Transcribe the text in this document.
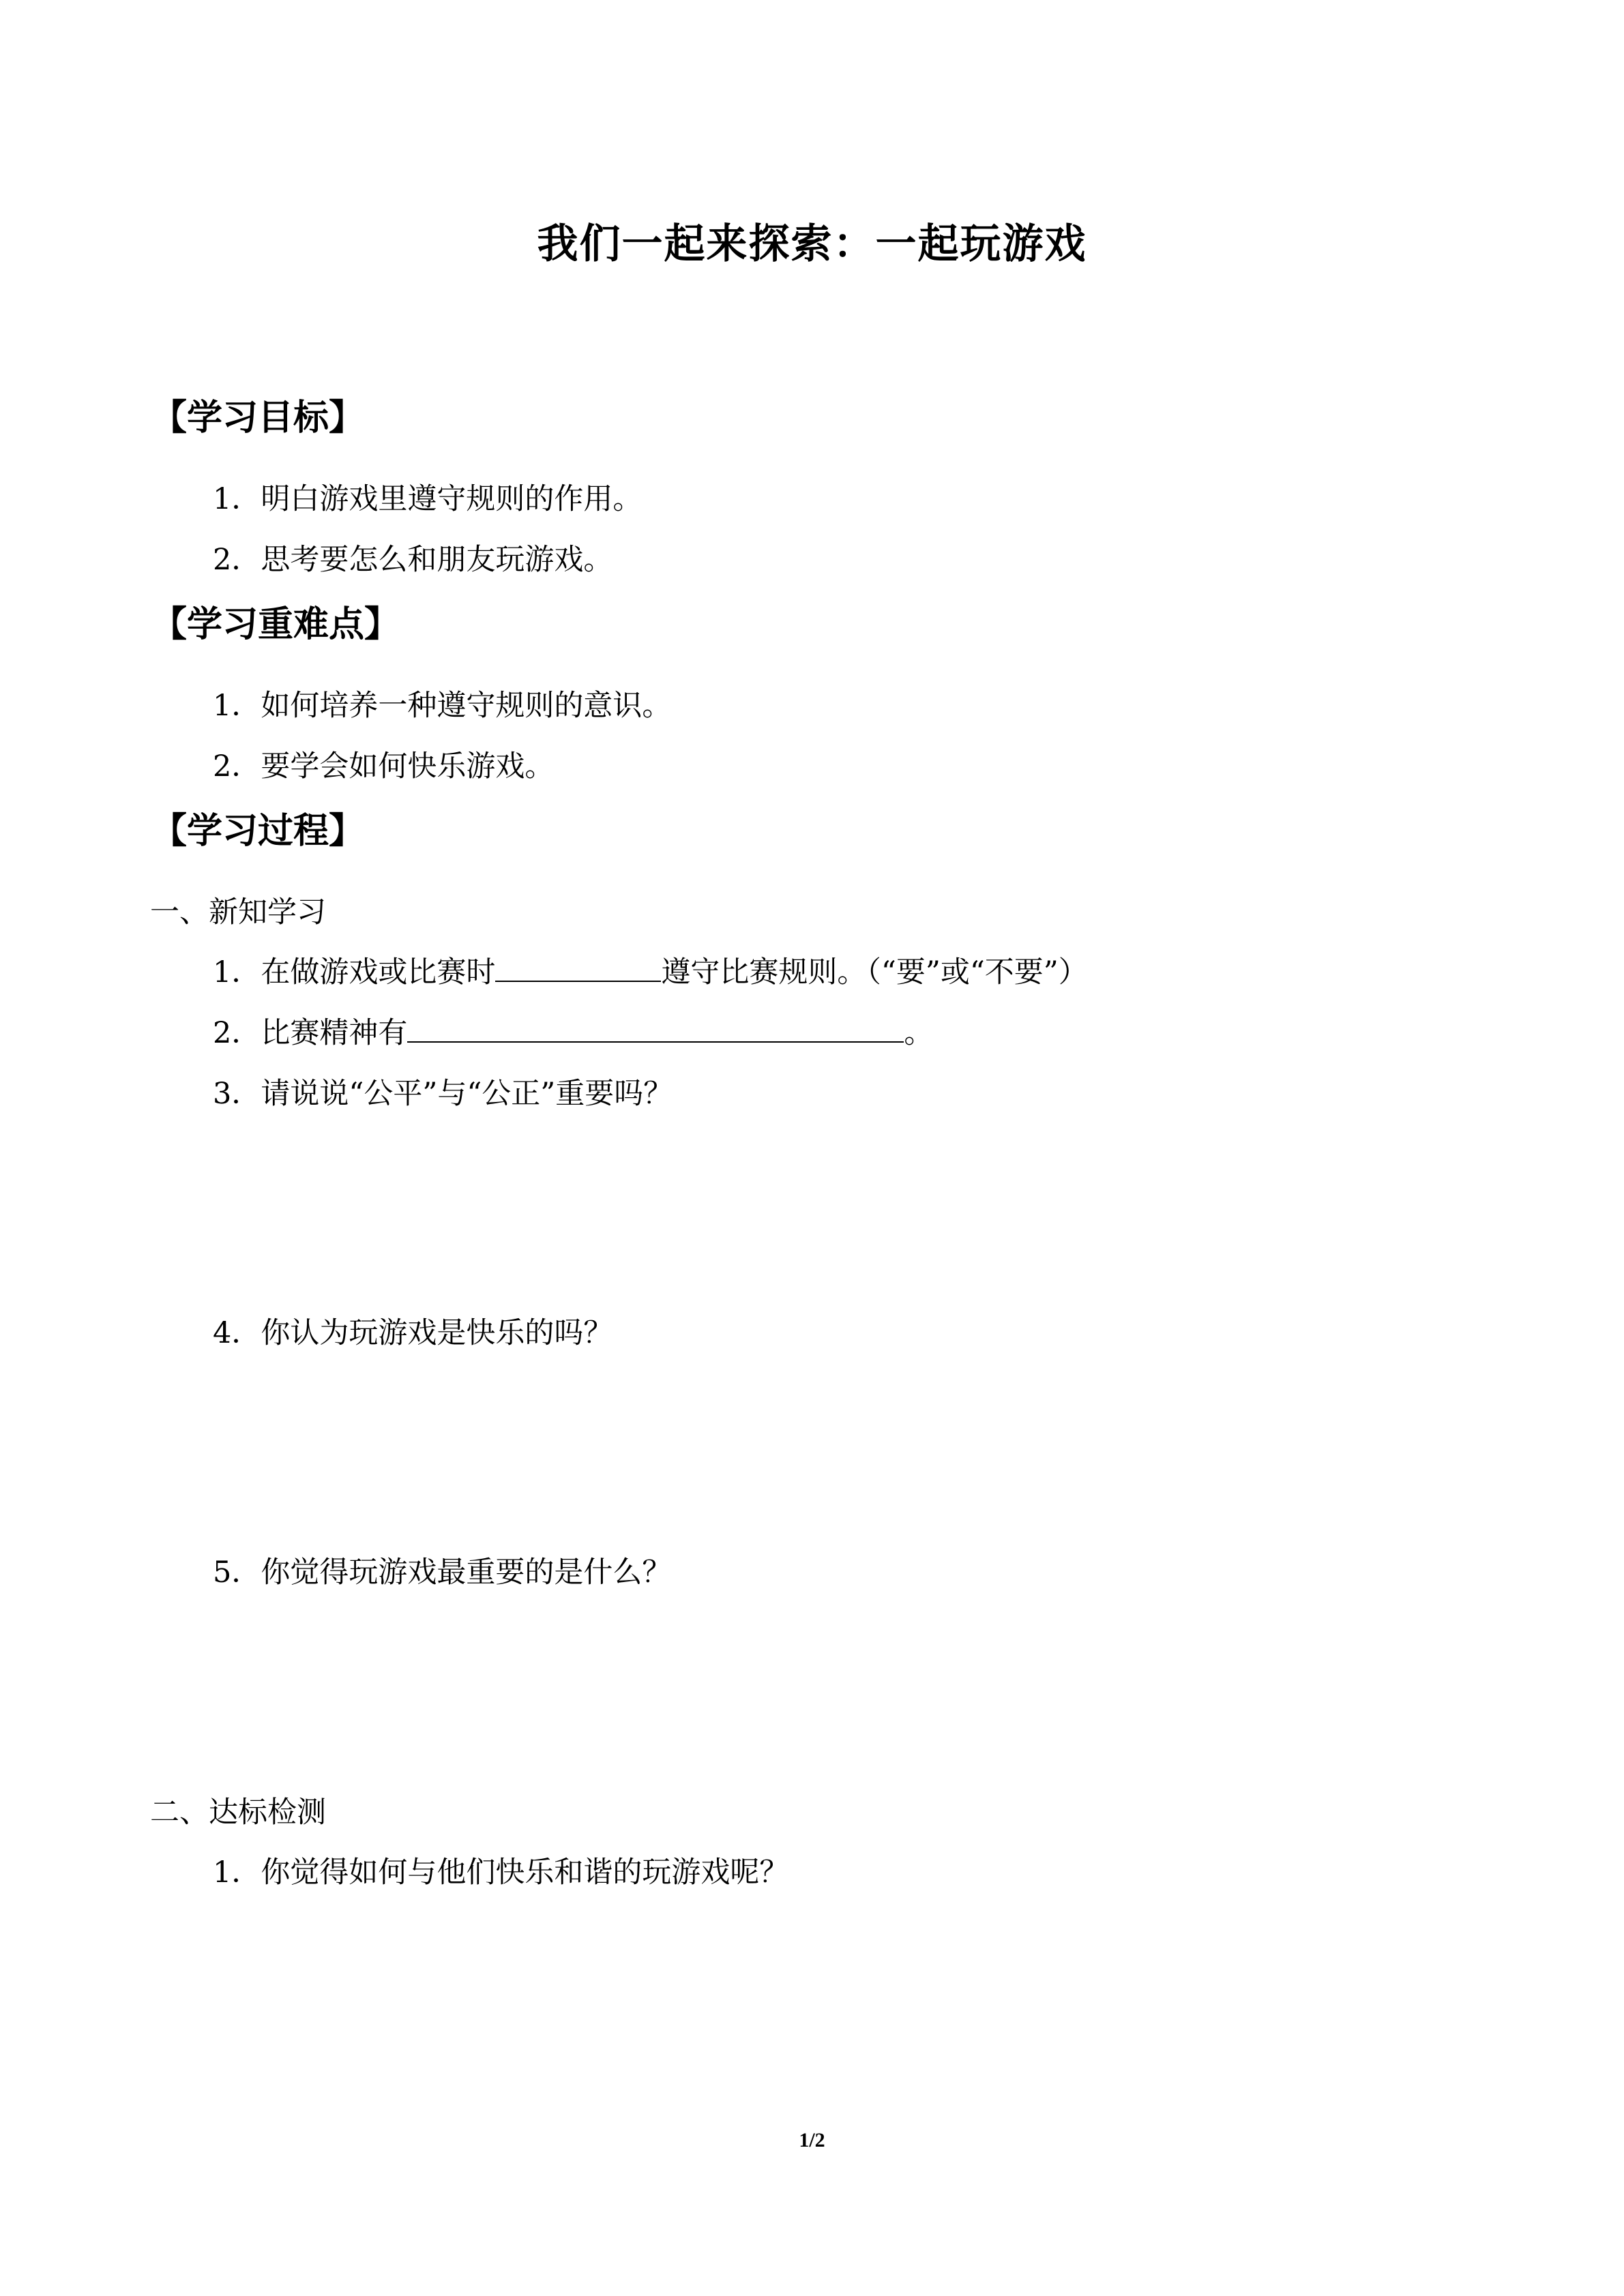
我们一起来探索：一起玩游戏
【学习目标】
1．明白游戏里遵守规则的作用。
2．思考要怎么和朋友玩游戏。
【学习重难点】
1．如何培养一种遵守规则的意识。
2．要学会如何快乐游戏。
【学习过程】
一、新知学习
1．在做游戏或比赛时	遵守比赛规则。（“要”或“不要”）
2．比赛精神有	。
3．请说说“公平”与“公正”重要吗？
4．你认为玩游戏是快乐的吗？
5．你觉得玩游戏最重要的是什么？
二、达标检测
1．你觉得如何与他们快乐和谐的玩游戏呢？
1/2
